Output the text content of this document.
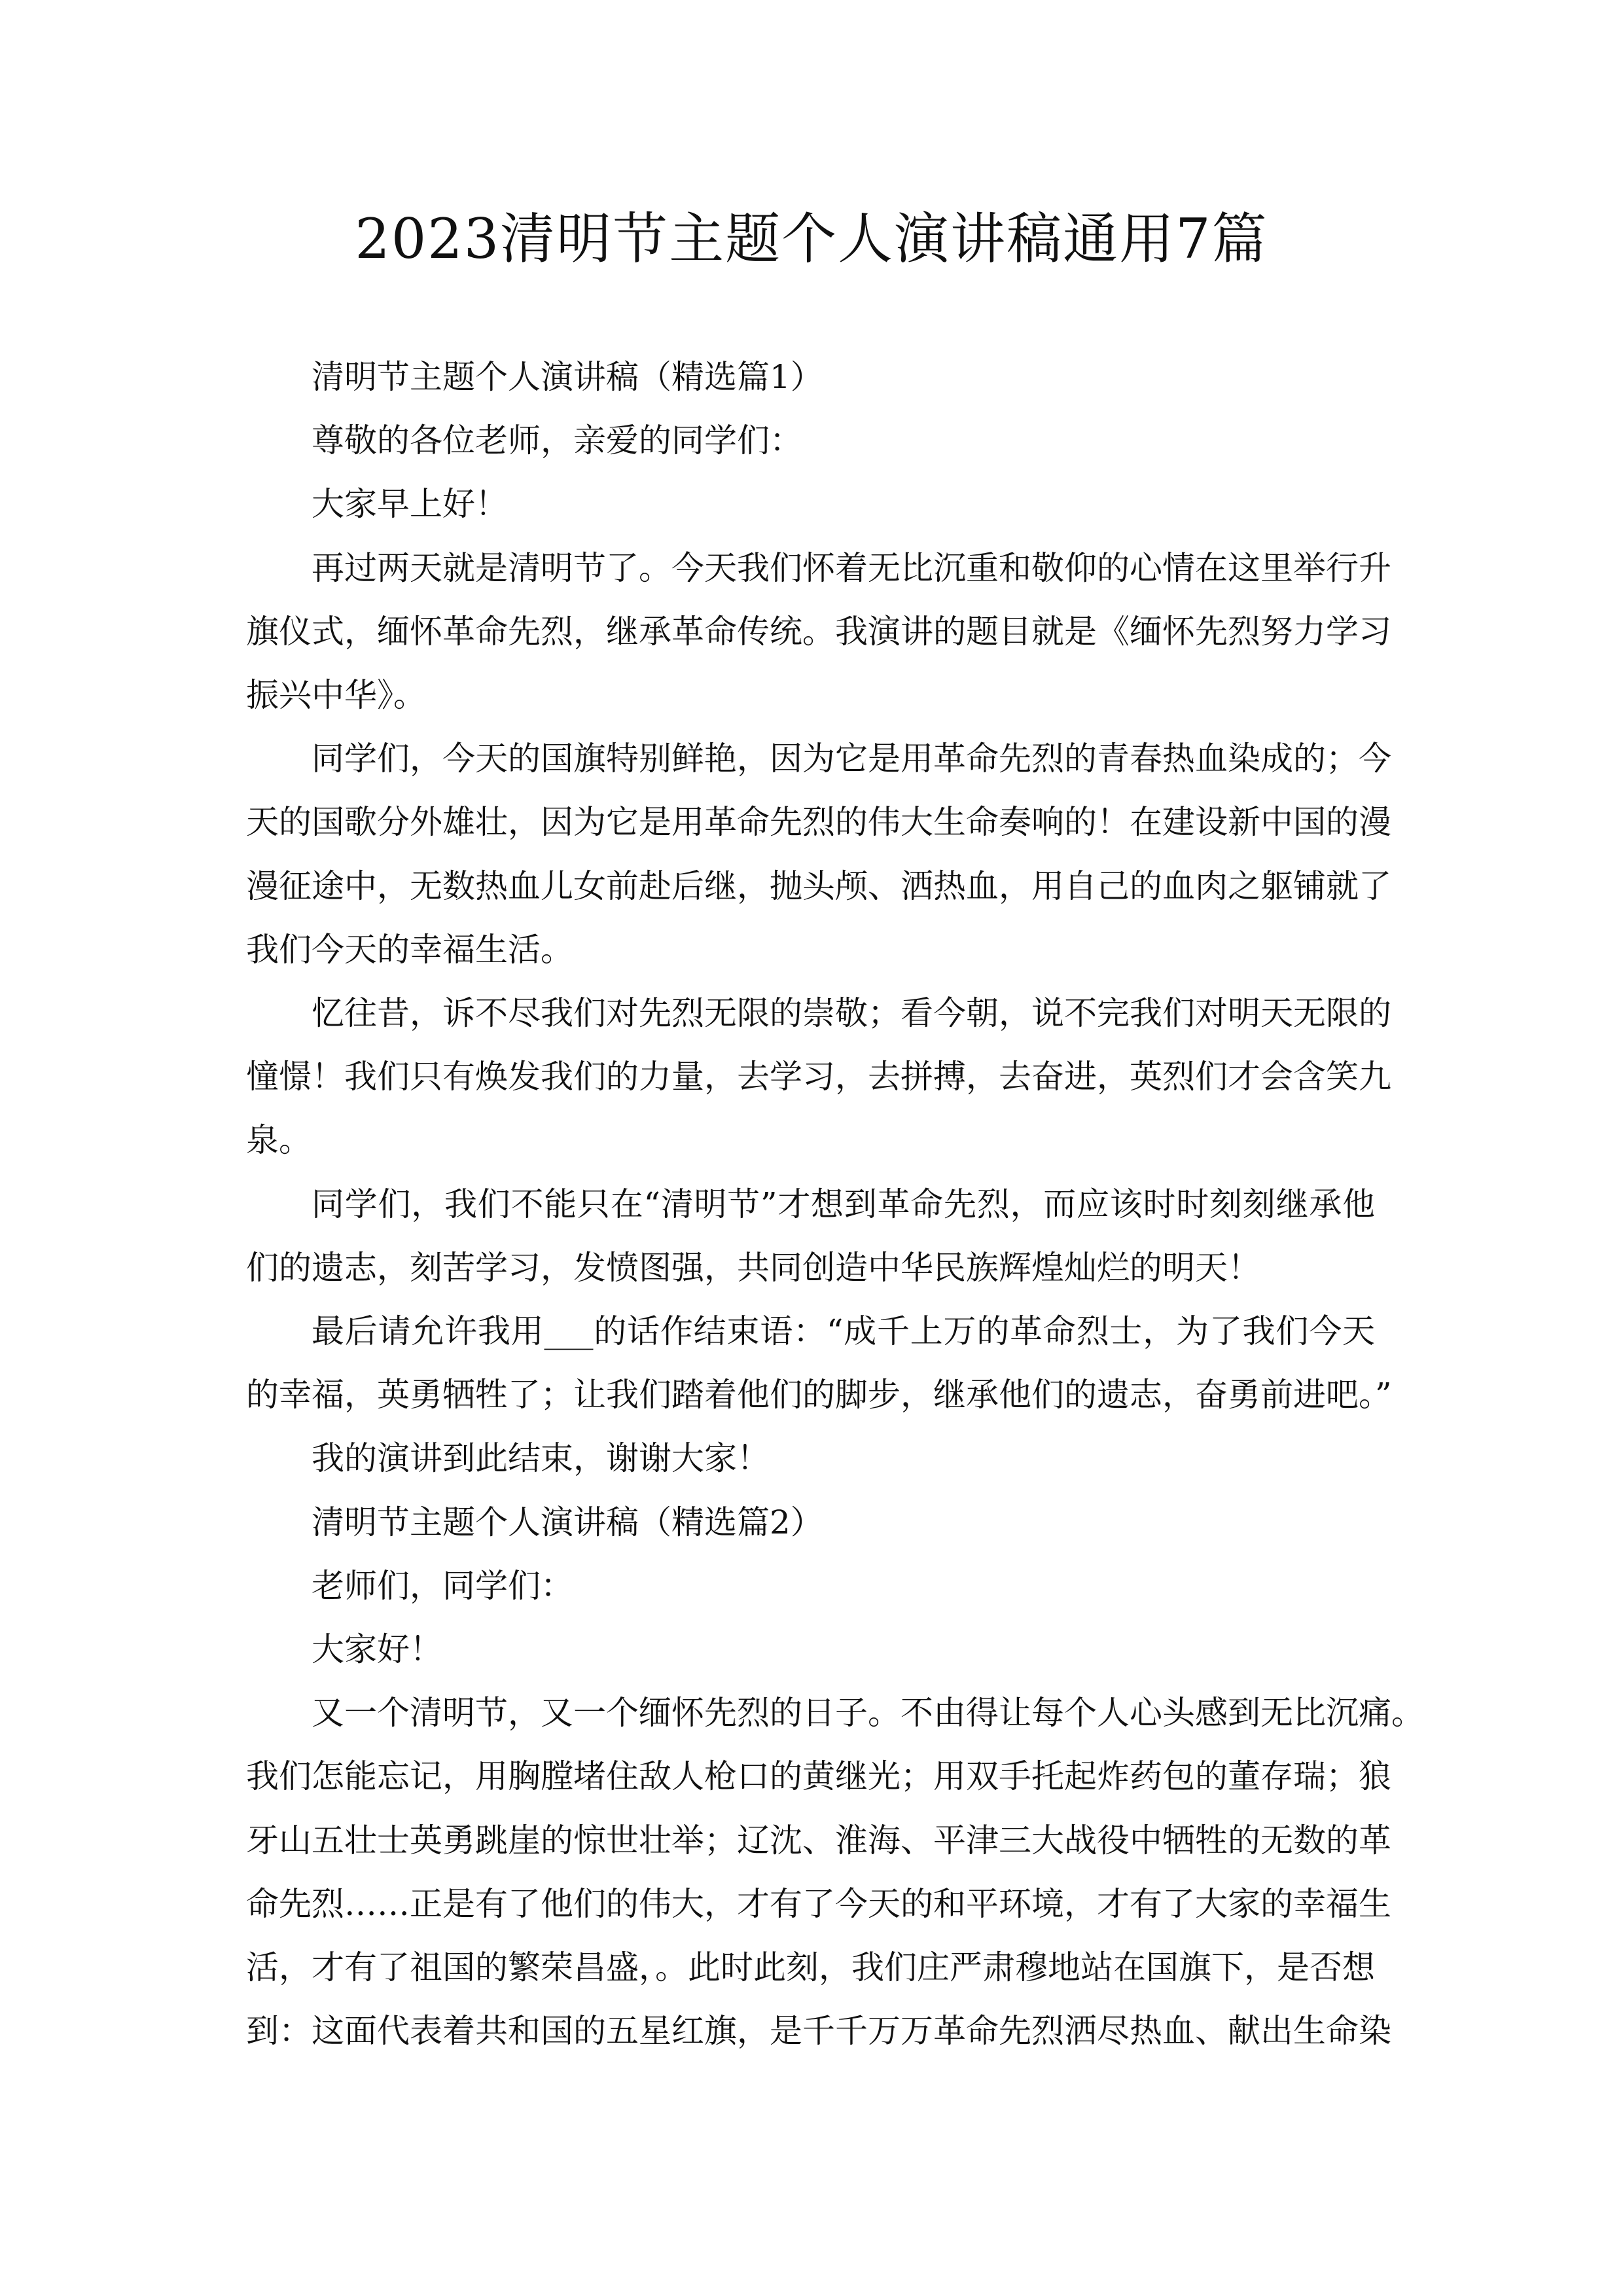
2023清明节主题个人演讲稿通用7篇
清明节主题个人演讲稿（精选篇1）
尊敬的各位老师，亲爱的同学们：
大家早上好！
再过两天就是清明节了。今天我们怀着无比沉重和敬仰的心情在这里举行升
旗仪式，缅怀革命先烈，继承革命传统。我演讲的题目就是《缅怀先烈努力学习
振兴中华》。
同学们，今天的国旗特别鲜艳，因为它是用革命先烈的青春热血染成的；今
天的国歌分外雄壮，因为它是用革命先烈的伟大生命奏响的！在建设新中国的漫
漫征途中，无数热血儿女前赴后继，抛头颅、洒热血，用自己的血肉之躯铺就了
我们今天的幸福生活。
忆往昔，诉不尽我们对先烈无限的崇敬；看今朝，说不完我们对明天无限的
憧憬！我们只有焕发我们的力量，去学习，去拼搏，去奋进，英烈们才会含笑九
泉。
同学们，我们不能只在“清明节”才想到革命先烈，而应该时时刻刻继承他
们的遗志，刻苦学习，发愤图强，共同创造中华民族辉煌灿烂的明天！
最后请允许我用___的话作结束语：“成千上万的革命烈士，为了我们今天
的幸福，英勇牺牲了；让我们踏着他们的脚步，继承他们的遗志，奋勇前进吧。”
我的演讲到此结束，谢谢大家！
清明节主题个人演讲稿（精选篇2）
老师们，同学们：
大家好！
又一个清明节，又一个缅怀先烈的日子。不由得让每个人心头感到无比沉痛。
我们怎能忘记，用胸膛堵住敌人枪口的黄继光；用双手托起炸药包的董存瑞；狼
牙山五壮士英勇跳崖的惊世壮举；辽沈、淮海、平津三大战役中牺牲的无数的革
命先烈……正是有了他们的伟大，才有了今天的和平环境，才有了大家的幸福生
活，才有了祖国的繁荣昌盛，。此时此刻，我们庄严肃穆地站在国旗下，是否想
到：这面代表着共和国的五星红旗，是千千万万革命先烈洒尽热血、献出生命染
